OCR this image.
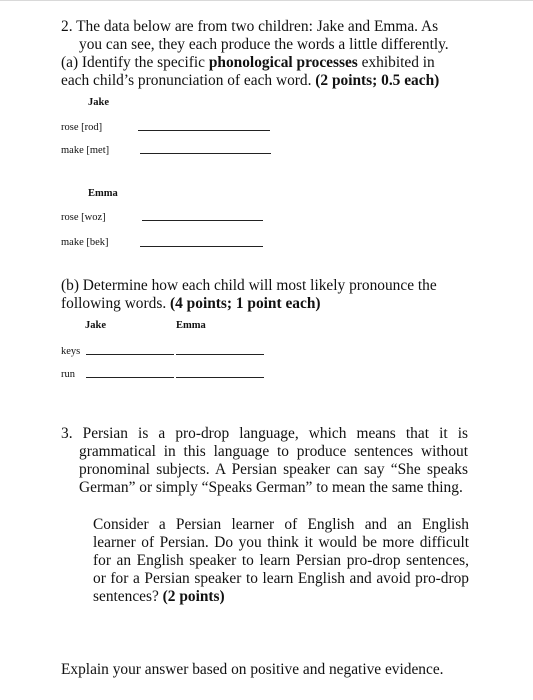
2. The data below are from two children: Jake and Emma. As

you can see, they each produce the words a little differently.

(a) Identify the specific phonological processes exhibited in

each child’s pronunciation of each word. (2 points; 0.5 each)

Jake
rose [rod]
make [met]
Emma
rose [woz]
make [bek]

(b) Determine how each child will most likely pronounce the

following words. (4 points; 1 point each)

Jake	Emma
keys
run

3. Persian is a pro-drop language, which means that it is

grammatical in this language to produce sentences without

pronominal subjects. A Persian speaker can say “She speaks

German” or simply “Speaks German” to mean the same thing.

Consider a Persian learner of English and an English

learner of Persian. Do you think it would be more difficult

for an English speaker to learn Persian pro-drop sentences,

or for a Persian speaker to learn English and avoid pro-drop

sentences? (2 points)

Explain your answer based on positive and negative evidence.
